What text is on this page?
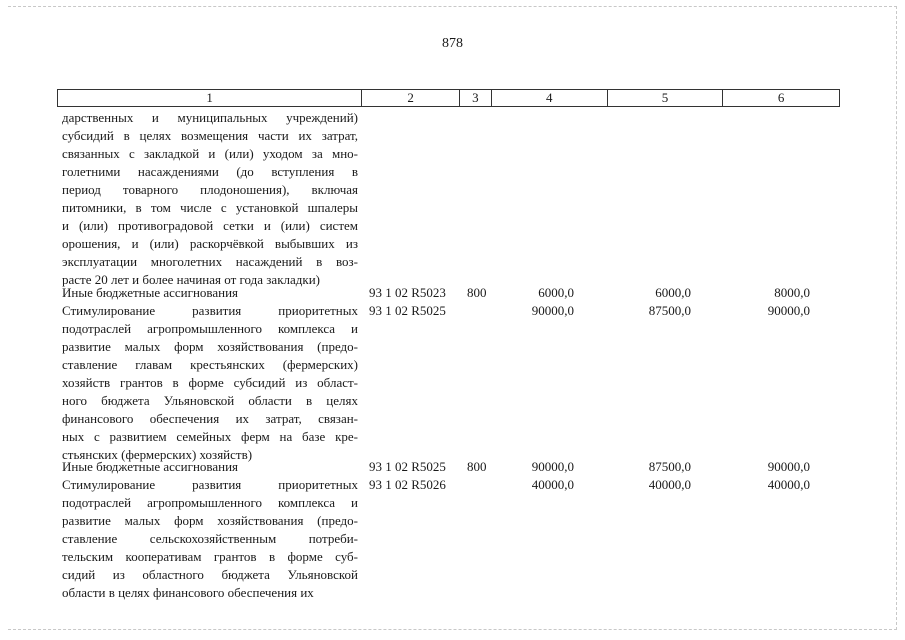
878
1	2	3	4	5	6
дарственных и муниципальных учреждений)
субсидий в целях возмещения части их затрат,
связанных с закладкой и (или) уходом за мно-
голетними насаждениями (до вступления в
период товарного плодоношения), включая
питомники, в том числе с установкой шпалеры
и (или) противоградовой сетки и (или) систем
орошения, и (или) раскорчёвкой выбывших из
эксплуатации многолетних насаждений в воз-
расте 20 лет и более начиная от года закладки)
Иные бюджетные ассигнования	93 1 02 R5023 800	6000,0	6000,0	8000,0
Стимулирование развития приоритетных
подотраслей агропромышленного комплекса и
развитие малых форм хозяйствования (предо-
ставление главам крестьянских (фермерских)
хозяйств грантов в форме субсидий из област-
ного бюджета Ульяновской области в целях
финансового обеспечения их затрат, связан-
ных с развитием семейных ферм на базе кре-
стьянских (фермерских) хозяйств)
93 1 02 R5025	90000,0	87500,0	90000,0
Иные бюджетные ассигнования	93 1 02 R5025 800	90000,0	87500,0	90000,0
Стимулирование развития приоритетных
подотраслей агропромышленного комплекса и
развитие малых форм хозяйствования (предо-
ставление сельскохозяйственным потреби-
тельским кооперативам грантов в форме суб-
сидий из областного бюджета Ульяновской
области в целях финансового обеспечения их
93 1 02 R5026	40000,0	40000,0	40000,0
